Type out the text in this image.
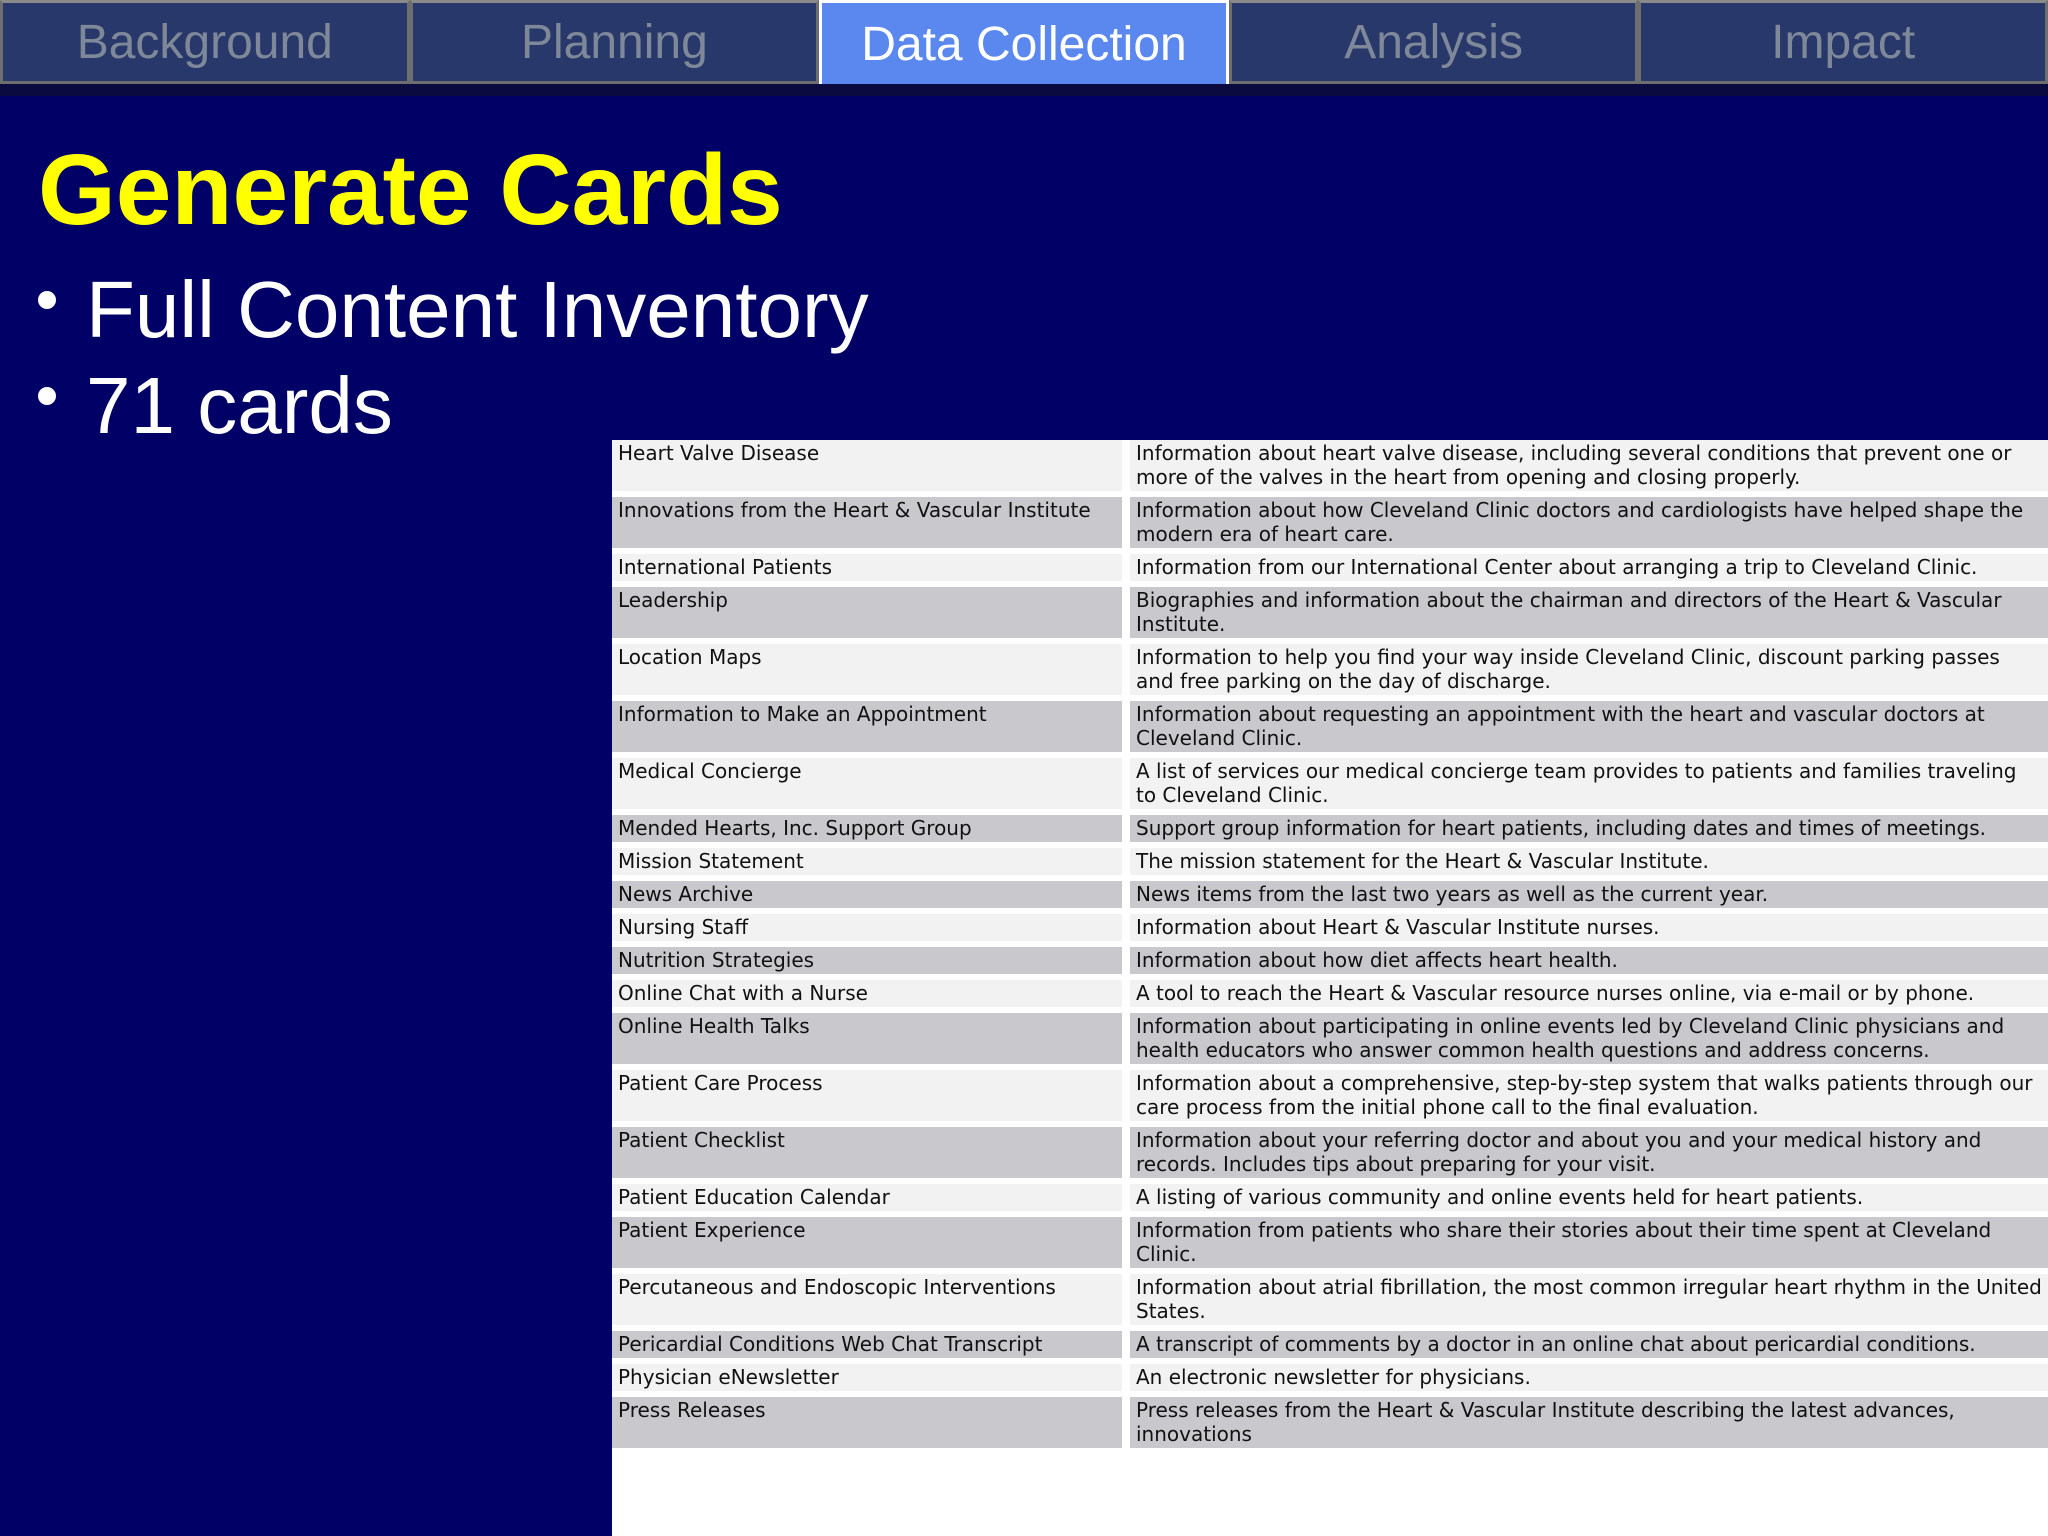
Background	Planning	Data Collection	Analysis	Impact
Generate Cards
Full Content Inventory
71 cards
Heart Valve Disease	Information about heart valve disease, including several conditions that prevent one or more of the valves in the heart from opening and closing properly.
Innovations from the Heart & Vascular Institute	Information about how Cleveland Clinic doctors and cardiologists have helped shape the modern era of heart care.
International Patients	Information from our International Center about arranging a trip to Cleveland Clinic.
Leadership	Biographies and information about the chairman and directors of the Heart & Vascular Institute.
Location Maps	Information to help you find your way inside Cleveland Clinic, discount parking passes and free parking on the day of discharge.
Information to Make an Appointment	Information about requesting an appointment with the heart and vascular doctors at Cleveland Clinic.
Medical Concierge	A list of services our medical concierge team provides to patients and families traveling to Cleveland Clinic.
Mended Hearts, Inc. Support Group	Support group information for heart patients, including dates and times of meetings.
Mission Statement	The mission statement for the Heart & Vascular Institute.
News Archive	News items from the last two years as well as the current year.
Nursing Staff	Information about Heart & Vascular Institute nurses.
Nutrition Strategies	Information about how diet affects heart health.
Online Chat with a Nurse	A tool to reach the Heart & Vascular resource nurses online, via e-mail or by phone.
Online Health Talks	Information about participating in online events led by Cleveland Clinic physicians and health educators who answer common health questions and address concerns.
Patient Care Process	Information about a comprehensive, step-by-step system that walks patients through our care process from the initial phone call to the final evaluation.
Patient Checklist	Information about your referring doctor and about you and your medical history and records. Includes tips about preparing for your visit.
Patient Education Calendar	A listing of various community and online events held for heart patients.
Patient Experience	Information from patients who share their stories about their time spent at Cleveland Clinic.
Percutaneous and Endoscopic Interventions	Information about atrial fibrillation, the most common irregular heart rhythm in the United States.
Pericardial Conditions Web Chat Transcript	A transcript of comments by a doctor in an online chat about pericardial conditions.
Physician eNewsletter	An electronic newsletter for physicians.
Press Releases	Press releases from the Heart & Vascular Institute describing the latest advances, innovations
